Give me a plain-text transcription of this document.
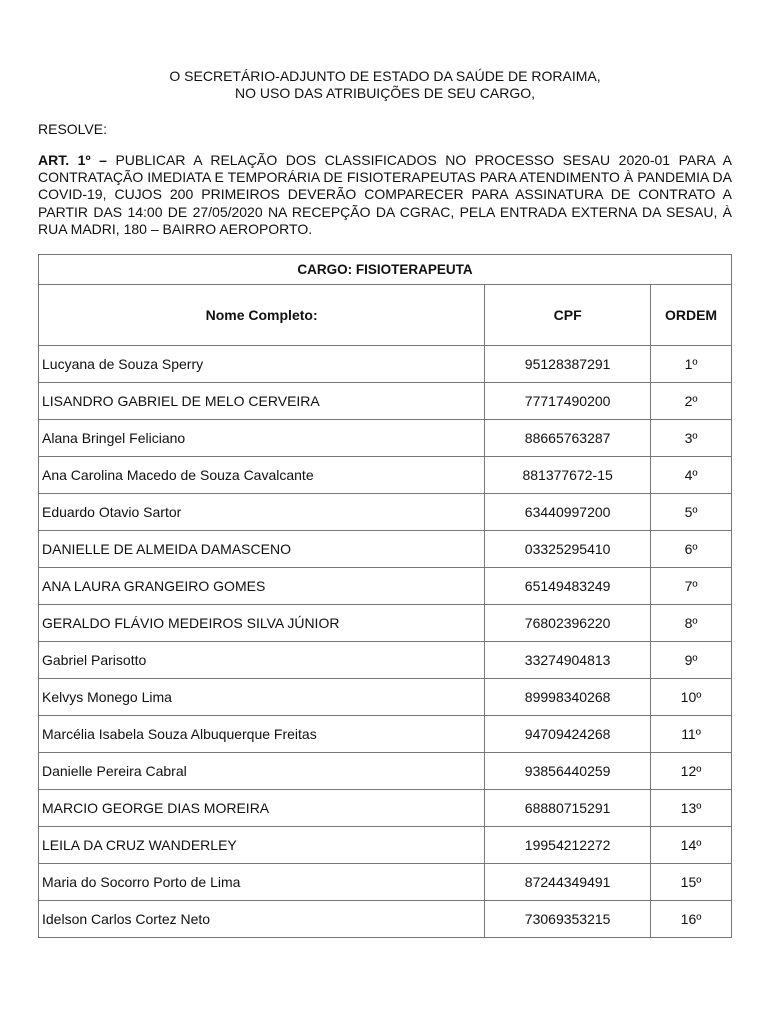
O SECRETÁRIO-ADJUNTO DE ESTADO DA SAÚDE DE RORAIMA,
NO USO DAS ATRIBUIÇÕES DE SEU CARGO,
RESOLVE:
ART. 1º – PUBLICAR A RELAÇÃO DOS CLASSIFICADOS NO PROCESSO SESAU 2020-01 PARA A CONTRATAÇÃO IMEDIATA E TEMPORÁRIA DE FISIOTERAPEUTAS PARA ATENDIMENTO À PANDEMIA DA COVID-19, CUJOS 200 PRIMEIROS DEVERÃO COMPARECER PARA ASSINATURA DE CONTRATO A PARTIR DAS 14:00 DE 27/05/2020 NA RECEPÇÃO DA CGRAC, PELA ENTRADA EXTERNA DA SESAU, À RUA MADRI, 180 – BAIRRO AEROPORTO.
CARGO: FISIOTERAPEUTA		
Nome Completo:	CPF	ORDEM
Lucyana de Souza Sperry	95128387291	1º
LISANDRO GABRIEL DE MELO CERVEIRA	77717490200	2º
Alana Bringel Feliciano	88665763287	3º
Ana Carolina Macedo de Souza Cavalcante	881377672-15	4º
Eduardo Otavio Sartor	63440997200	5º
DANIELLE DE ALMEIDA DAMASCENO	03325295410	6º
ANA LAURA GRANGEIRO GOMES	65149483249	7º
GERALDO FLÁVIO MEDEIROS SILVA JÚNIOR	76802396220	8º
Gabriel Parisotto	33274904813	9º
Kelvys Monego Lima	89998340268	10º
Marcélia Isabela Souza Albuquerque Freitas	94709424268	11º
Danielle Pereira Cabral	93856440259	12º
MARCIO GEORGE DIAS MOREIRA	68880715291	13º
LEILA DA CRUZ WANDERLEY	19954212272	14º
Maria do Socorro Porto de Lima	87244349491	15º
Idelson Carlos Cortez Neto	73069353215	16º
